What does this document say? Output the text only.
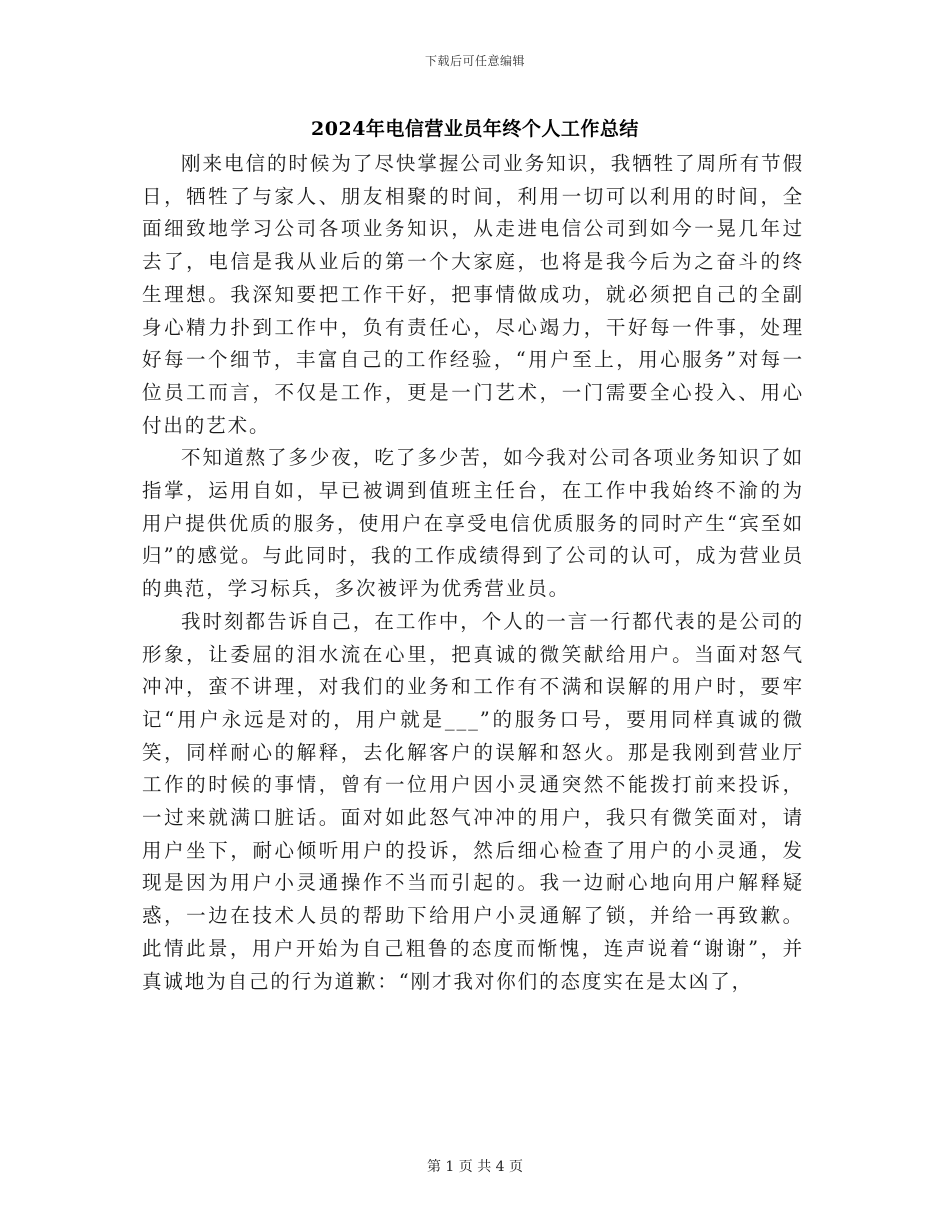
下载后可任意编辑
2024年电信营业员年终个人工作总结

刚来电信的时候为了尽快掌握公司业务知识，我牺牲了周所有节假日，牺牲了与家人、朋友相聚的时间，利用一切可以利用的时间，全面细致地学习公司各项业务知识，从走进电信公司到如今一晃几年过去了，电信是我从业后的第一个大家庭，也将是我今后为之奋斗的终生理想。我深知要把工作干好，把事情做成功，就必须把自己的全副身心精力扑到工作中，负有责任心，尽心竭力，干好每一件事，处理好每一个细节，丰富自己的工作经验，“用户至上，用心服务”对每一位员工而言，不仅是工作，更是一门艺术，一门需要全心投入、用心付出的艺术。

不知道熬了多少夜，吃了多少苦，如今我对公司各项业务知识了如指掌，运用自如，早已被调到值班主任台，在工作中我始终不渝的为用户提供优质的服务，使用户在享受电信优质服务的同时产生“宾至如归”的感觉。与此同时，我的工作成绩得到了公司的认可，成为营业员的典范，学习标兵，多次被评为优秀营业员。

我时刻都告诉自己，在工作中，个人的一言一行都代表的是公司的形象，让委屈的泪水流在心里，把真诚的微笑献给用户。当面对怒气冲冲，蛮不讲理，对我们的业务和工作有不满和误解的用户时，要牢记“用户永远是对的，用户就是___”的服务口号，要用同样真诚的微笑，同样耐心的解释，去化解客户的误解和怒火。那是我刚到营业厅工作的时候的事情，曾有一位用户因小灵通突然不能拨打前来投诉，一过来就满口脏话。面对如此怒气冲冲的用户，我只有微笑面对，请用户坐下，耐心倾听用户的投诉，然后细心检查了用户的小灵通，发现是因为用户小灵通操作不当而引起的。我一边耐心地向用户解释疑惑，一边在技术人员的帮助下给用户小灵通解了锁，并给一再致歉。此情此景，用户开始为自己粗鲁的态度而惭愧，连声说着“谢谢”，并真诚地为自己的行为道歉：“刚才我对你们的态度实在是太凶了，

第 1 页 共 4 页
